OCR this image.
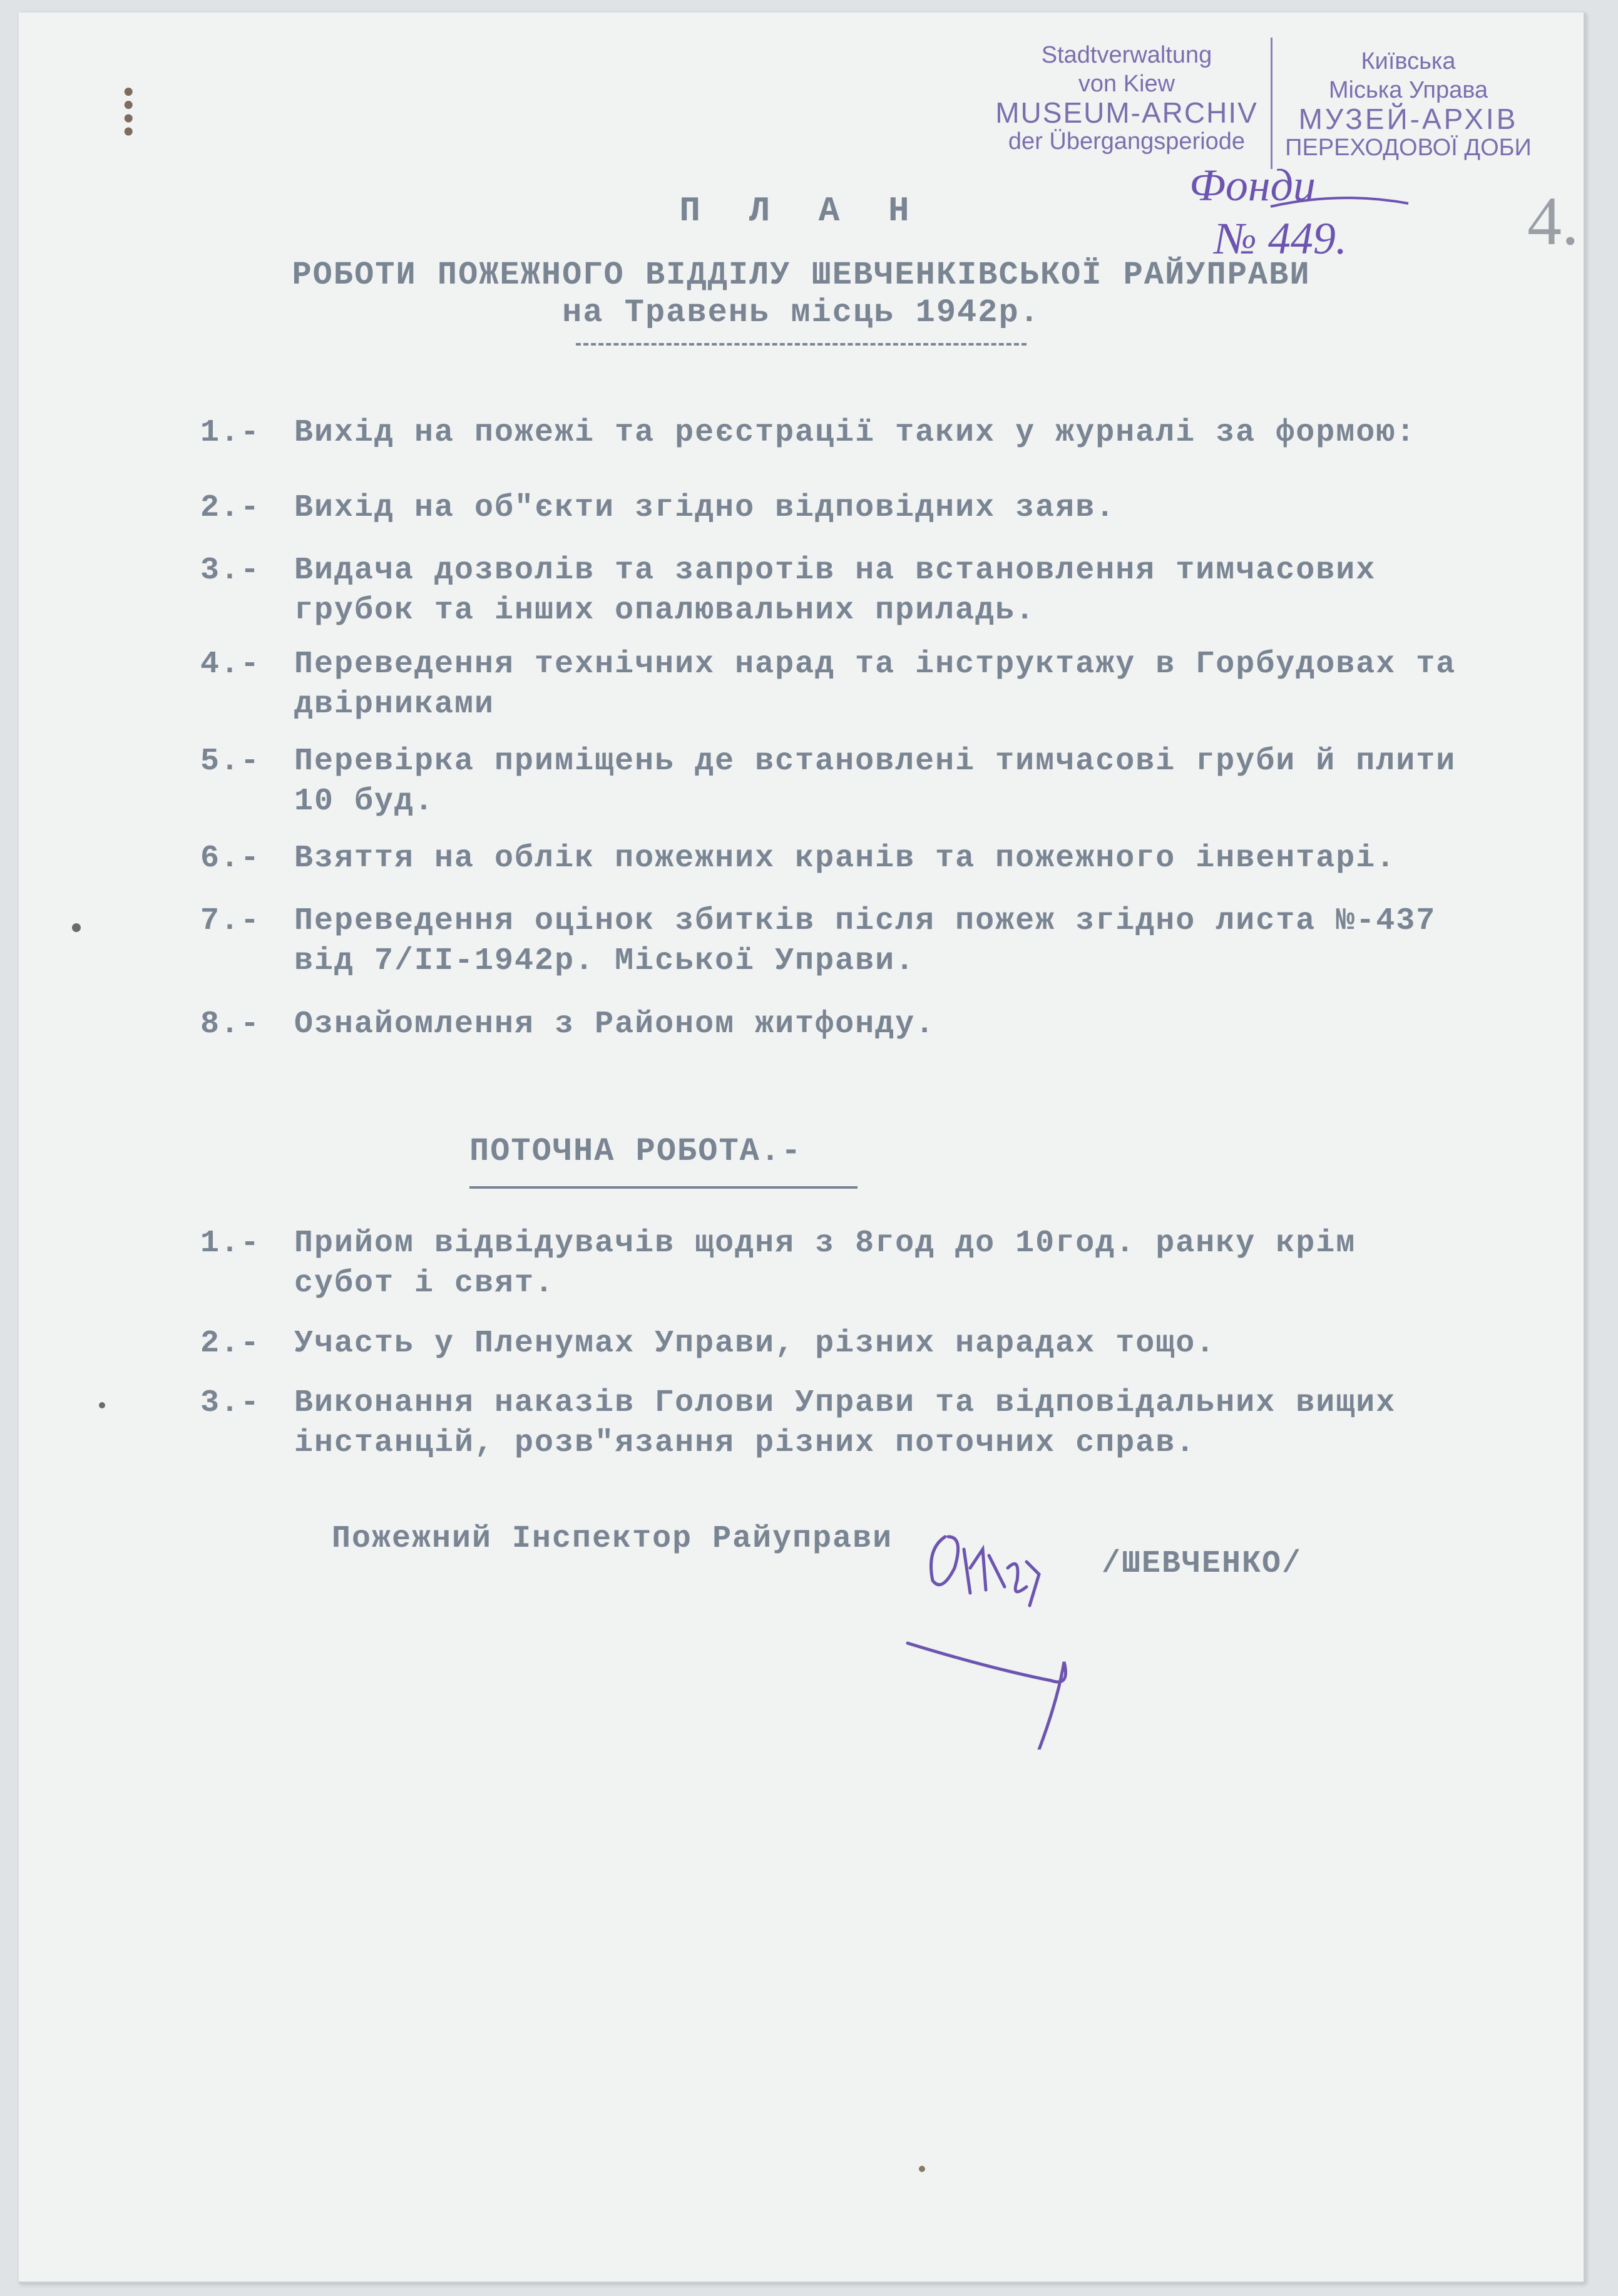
⁞
Stadtverwaltung
von Kiew
MUSEUM-ARCHIV
der Übergangsperiode
Київська
Міська Управа
МУЗЕЙ-АРХІВ
ПЕРЕХОДОВОЇ ДОБИ
Фонди
№ 449.	4.
П Л А Н
РОБОТИ ПОЖЕЖНОГО ВІДДІЛУ ШЕВЧЕНКІВСЬКОЇ РАЙУПРАВИ
на Травень місць 1942р.
1.-	Вихід на пожежі та реєстрації таких у журналі за формою:
2.-	Вихід на об"єкти згідно відповідних заяв.
3.-	Видача дозволів та запротів на встановлення тимчасових
грубок та інших опалювальних приладь.
4.-	Переведення технічних нарад та інструктажу в Горбудовах та
двірниками
5.-	Перевірка приміщень де встановлені тимчасові груби й плити
10 буд.
6.-	Взяття на облік пожежних кранів та пожежного інвентарі.
7.-	Переведення оцінок збитків після пожеж згідно листа №-437
від 7/II-1942р. Міської Управи.
8.-	Ознайомлення з Районом житфонду.
ПОТОЧНА РОБОТА.-
1.-	Прийом відвідувачів щодня з 8год до 10год. ранку крім
субот і свят.
2.-	Участь у Пленумах Управи, різних нарадах тощо.
3.-	Виконання наказів Голови Управи та відповідальних вищих
інстанцій, розв"язання різних поточних справ.
Пожежний Інспектор Райуправи
/ШЕВЧЕНКО/
